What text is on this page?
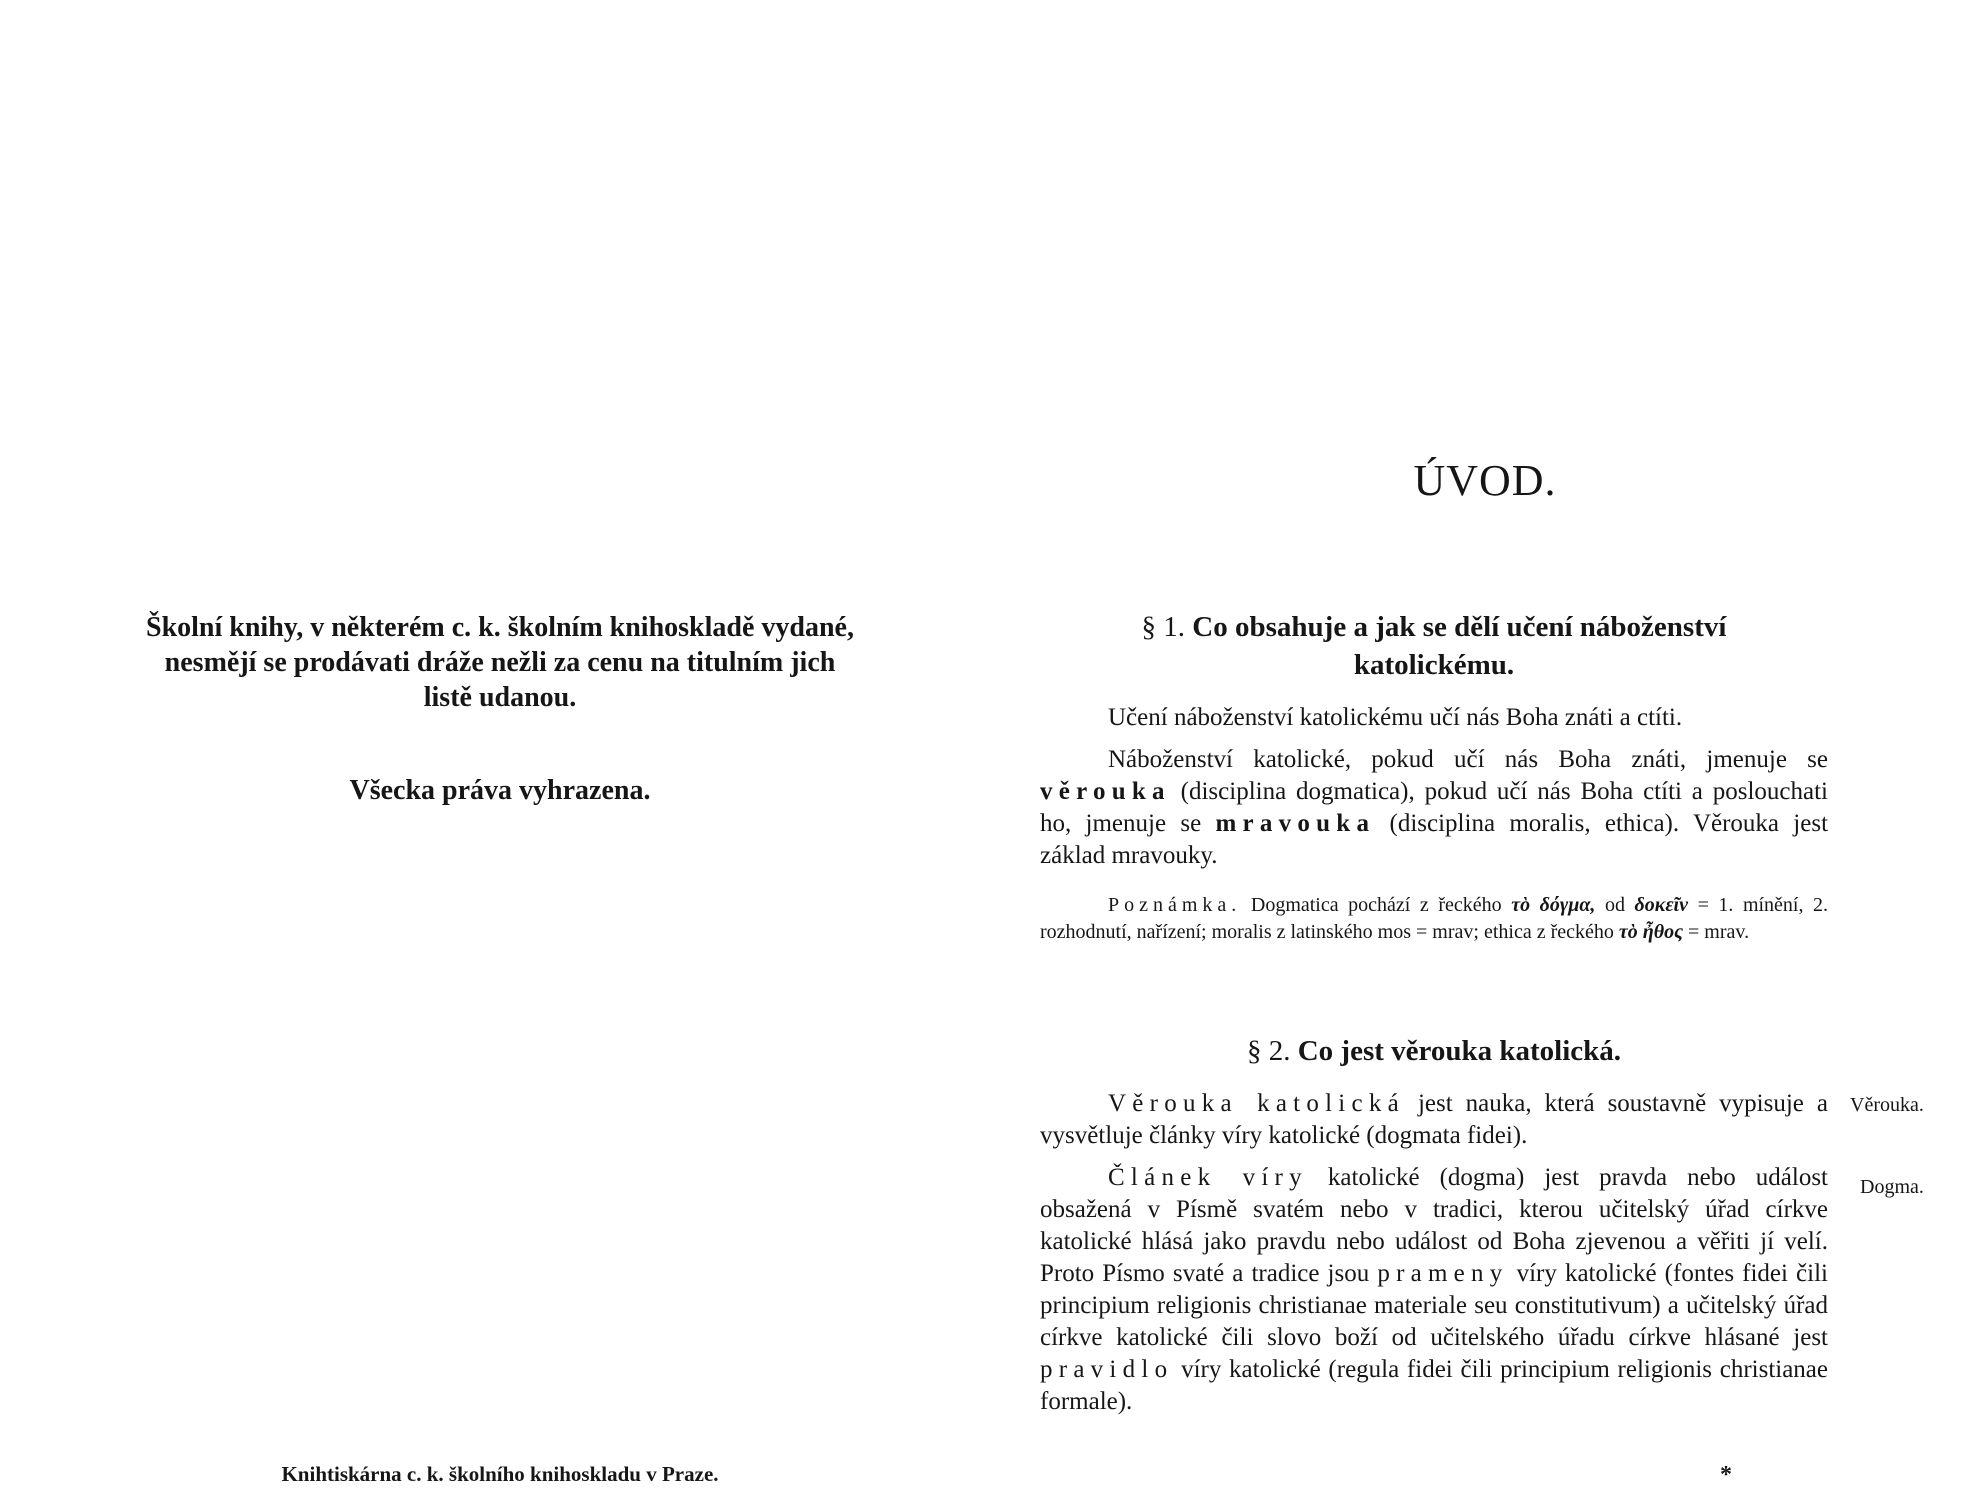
Školní knihy, v některém c. k. školním knihoskladě vydané,

nesmějí se prodávati dráže nežli za cenu na titulním jich

listě udanou.

Všecka práva vyhrazena.
Knihtiskárna c. k. školního knihoskladu v Praze.
ÚVOD.
§ 1. Co obsahuje a jak se dělí učení náboženství
katolickému.

Učení náboženství katolickému učí nás Boha znáti a ctíti.

Náboženství katolické, pokud učí nás Boha znáti, jmenuje se věrouka (disciplina dogmatica), pokud učí nás Boha ctíti a poslouchati ho, jmenuje se mravouka (disciplina moralis, ethica). Věrouka jest základ mravouky.

Poznámka. Dogmatica pochází z řeckého τὸ δόγμα, od δοκεῖν = 1. mínění, 2. rozhodnutí, nařízení; moralis z latinského mos = mrav; ethica z řeckého τὸ ἦθος = mrav.

§ 2. Co jest věrouka katolická.

Věrouka katolická jest nauka, která soustavně vypisuje a vysvětluje články víry katolické (dogmata fidei).

Článek víry katolické (dogma) jest pravda nebo událost obsažená v Písmě svatém nebo v tradici, kterou učitelský úřad církve katolické hlásá jako pravdu nebo událost od Boha zjevenou a věřiti jí velí. Proto Písmo svaté a tradice jsou prameny víry katolické (fontes fidei čili principium religionis christianae materiale seu constitutivum) a učitelský úřad církve katolické čili slovo boží od učitelského úřadu církve hlásané jest pravidlo víry katolické (regula fidei čili principium religionis christianae formale).

Věrouka.
Dogma.
*
